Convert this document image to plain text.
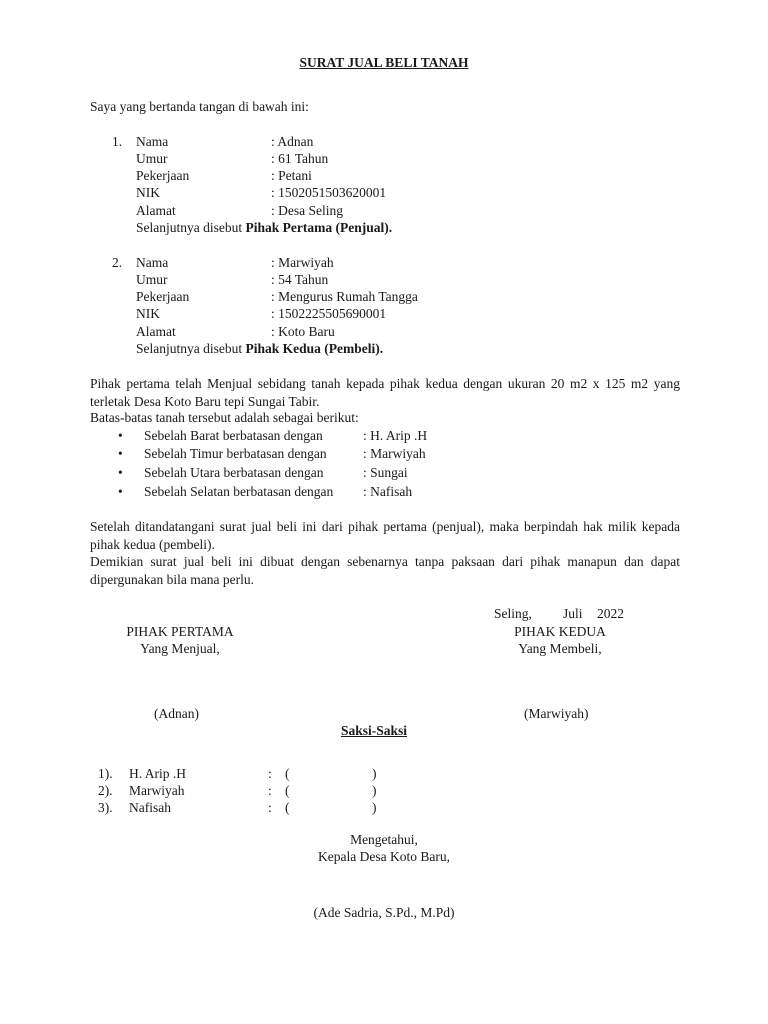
SURAT JUAL BELI TANAH
Saya yang bertanda tangan di bawah ini:
1. Nama	: Adnan
Umur	: 61 Tahun
Pekerjaan	: Petani
NIK	: 1502051503620001
Alamat	: Desa Seling
Selanjutnya disebut Pihak Pertama (Penjual).
2. Nama	: Marwiyah
Umur	: 54 Tahun
Pekerjaan	: Mengurus Rumah Tangga
NIK	: 1502225505690001
Alamat	: Koto Baru
Selanjutnya disebut Pihak Kedua (Pembeli).
Pihak pertama telah Menjual sebidang tanah kepada pihak kedua dengan ukuran 20 m2 x 125 m2 yang terletak Desa Koto Baru tepi Sungai Tabir.
Batas-batas tanah tersebut adalah sebagai berikut:
• Sebelah Barat berbatasan dengan	: H. Arip .H
• Sebelah Timur berbatasan dengan	: Marwiyah
• Sebelah Utara berbatasan dengan	: Sungai
• Sebelah Selatan berbatasan dengan : Nafisah
Setelah ditandatangani surat jual beli ini dari pihak pertama (penjual), maka berpindah hak milik kepada pihak kedua (pembeli).
Demikian surat jual beli ini dibuat dengan sebenarnya tanpa paksaan dari pihak manapun dan dapat dipergunakan bila mana perlu.
Seling, Juli 2022
PIHAK PERTAMA
Yang Menjual,
PIHAK KEDUA
Yang Membeli,
(Adnan)	(Marwiyah)
Saksi-Saksi
1). H. Arip .H	: (	)
2). Marwiyah	: (	)
3). Nafisah	: (	)
Mengetahui,
Kepala Desa Koto Baru,
(Ade Sadria, S.Pd., M.Pd)
